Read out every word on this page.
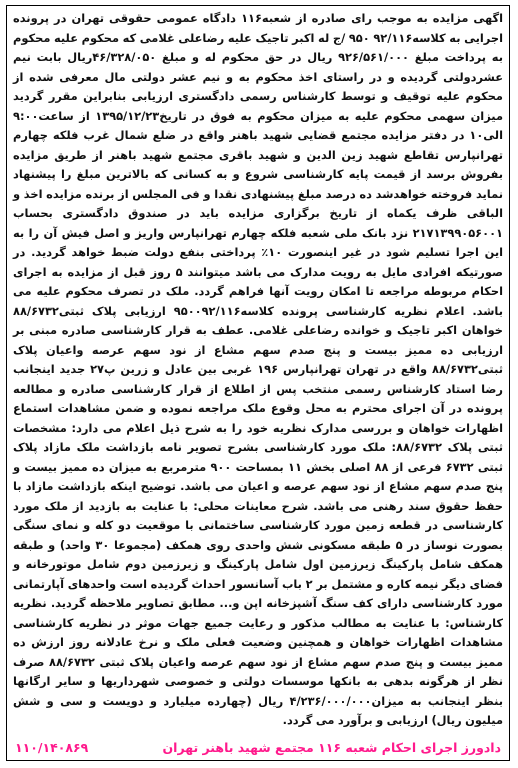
اگهی مزایده به موجب رای صادره از شعبه۱۱۶ دادگاه عمومی حقوقی تهران در پرونده اجرایی به کلاسه۹۲/۱۱۶ ۹۵۰ /ج له اکبر تاجیک علیه رضاعلی غلامی که محکوم علیه محکوم به پرداخت مبلغ ۹۲۶/۵۶۱/۰۰۰ ریال در حق محکوم له و مبلغ ۴۶/۳۲۸/۰۵۰ریال بابت نیم عشردولتی گردیده و در راستای اخذ محکوم به و نیم عشر دولتی مال معرفی شده از محکوم علیه توقیف و توسط کارشناس رسمی دادگستری ارزیابی بنابراین مقرر گردید میزان سهمی محکوم علیه به میزان محکوم به فوق در تاریخ۱۳۹۵/۱۲/۲۳ از ساعت۹:۰۰ الی۱۰ در دفتر مزایده مجتمع قضایی شهید باهنر واقع در ضلع شمال غرب فلکه چهارم تهرانپارس تقاطع شهید زین الدین و شهید باقری مجتمع شهید باهنر از طریق مزایده بفروش برسد از قیمت پایه کارشناسی شروع و به کسانی که بالاترین مبلغ را پیشنهاد نماید فروخته خواهدشد ده درصد مبلغ پیشنهادی نقدا و فی المجلس از برنده مزایده اخذ و الباقی ظرف یکماه از تاریخ برگزاری مزایده باید در صندوق دادگستری بحساب ۲۱۷۱۳۹۹۰۵۶۰۰۱ نزد بانک ملی شعبه فلکه چهارم تهرانپارس واریز و اصل فیش آن را به این اجرا تسلیم شود در غیر اینصورت ۱۰٪ پرداختی بنفع دولت ضبط خواهد گردید. در صورتیکه افرادی مایل به رویت مدارک می باشد میتوانند ۵ روز قبل از مزایده به اجرای احکام مربوطه مراجعه تا امکان رویت آنها فراهم گردد. ملک در تصرف محکوم علیه می باشد. اعلام نظریه کارشناسی پرونده کلاسه۹۵۰۰۹۲/۱۱۶ ارزیابی پلاک ثبتی۸۸/۶۷۳۲ خواهان اکبر تاجیک و خوانده رضاعلی غلامی. عطف به قرار کارشناسی صادره مبنی بر ارزیابی ده ممیز بیست و پنج صدم سهم مشاع از نود سهم عرصه واعیان پلاک ثبتی۸۸/۶۷۳۲ واقع در تهران تهرانپارس ۱۹۶ غربی بین عادل و زرین پ۲۷ جدید اینجانب رضا استاد کارشناس رسمی منتخب پس از اطلاع از قرار کارشناسی صادره و مطالعه پرونده در آن اجرای محترم به محل وقوع ملک مراجعه نموده و ضمن مشاهدات استماع اظهارات خواهان و بررسی مدارک نظریه خود را به شرح ذیل اعلام می دارد: مشخصات ثبتی پلاک ۸۸/۶۷۳۲: ملک مورد کارشناسی بشرح تصویر نامه بازداشت ملک مازاد پلاک ثبتی ۶۷۳۲ فرعی از ۸۸ اصلی بخش ۱۱ بمساحت ۹۰۰ مترمربع به میزان ده ممیز بیست و پنج صدم سهم مشاع از نود سهم عرصه و اعیان می باشد. توضیح اینکه بازداشت مازاد با حفظ حقوق سند رهنی می باشد. شرح معاینات محلی: با عنایت به بازدید از ملک مورد کارشناسی در قطعه زمین مورد کارشناسی ساختمانی با موقعیت دو کله و نمای سنگی بصورت نوساز در ۵ طبقه مسکونی شش واحدی روی همکف (مجموعا ۳۰ واحد) و طبقه همکف شامل پارکینگ زیرزمین اول شامل پارکینگ و زیرزمین دوم شامل موتورخانه و فضای دیگر نیمه کاره و مشتمل بر ۲ باب آسانسور احداث گردیده است واحدهای آپارتمانی مورد کارشناسی دارای کف سنگ آشپزخانه اپن و... مطابق تصاویر ملاحظه گردید. نظریه کارشناس: با عنایت به مطالب مذکور و رعایت جمیع جهات موثر در نظریه کارشناسی مشاهدات اظهارات خواهان و همچنین وضعیت فعلی ملک و نرخ عادلانه روز ارزش ده ممیز بیست و پنج صدم سهم مشاع از نود سهم عرصه واعیان پلاک ثبتی ۸۸/۶۷۳۲ صرف نظر از هرگونه بدهی به بانکها موسسات دولتی و خصوصی شهرداریها و سایر ارگانها بنظر اینجانب به میزان۴/۲۳۶/۰۰۰/۰۰۰ ریال (چهارده میلیارد و دویست و سی و شش میلیون ریال) ارزیابی و برآورد می گردد.

دادورز اجرای احکام شعبه ۱۱۶ مجتمع شهید باهنر تهران
۱۱۰/۱۴۰۸۶۹
